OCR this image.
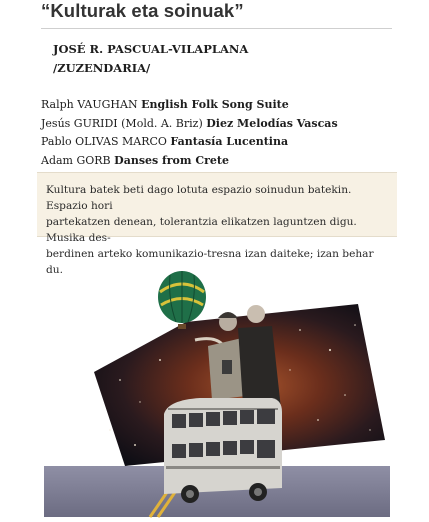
“Kulturak eta soinuak”
JOSÉ R. PASCUAL-VILAPLANA
/ZUZENDARIA/
Ralph VAUGHAN English Folk Song Suite
Jesús GURIDI (Mold. A. Briz) Diez Melodías Vascas
Pablo OLIVAS MARCO Fantasía Lucentina
Adam GORB Danses from Crete

Kultura batek beti dago lotuta espazio soinudun batekin. Espazio hori
partekatzen denean, tolerantzia elikatzen laguntzen digu. Musika des-
berdinen arteko komunikazio-tresna izan daiteke; izan behar du.
